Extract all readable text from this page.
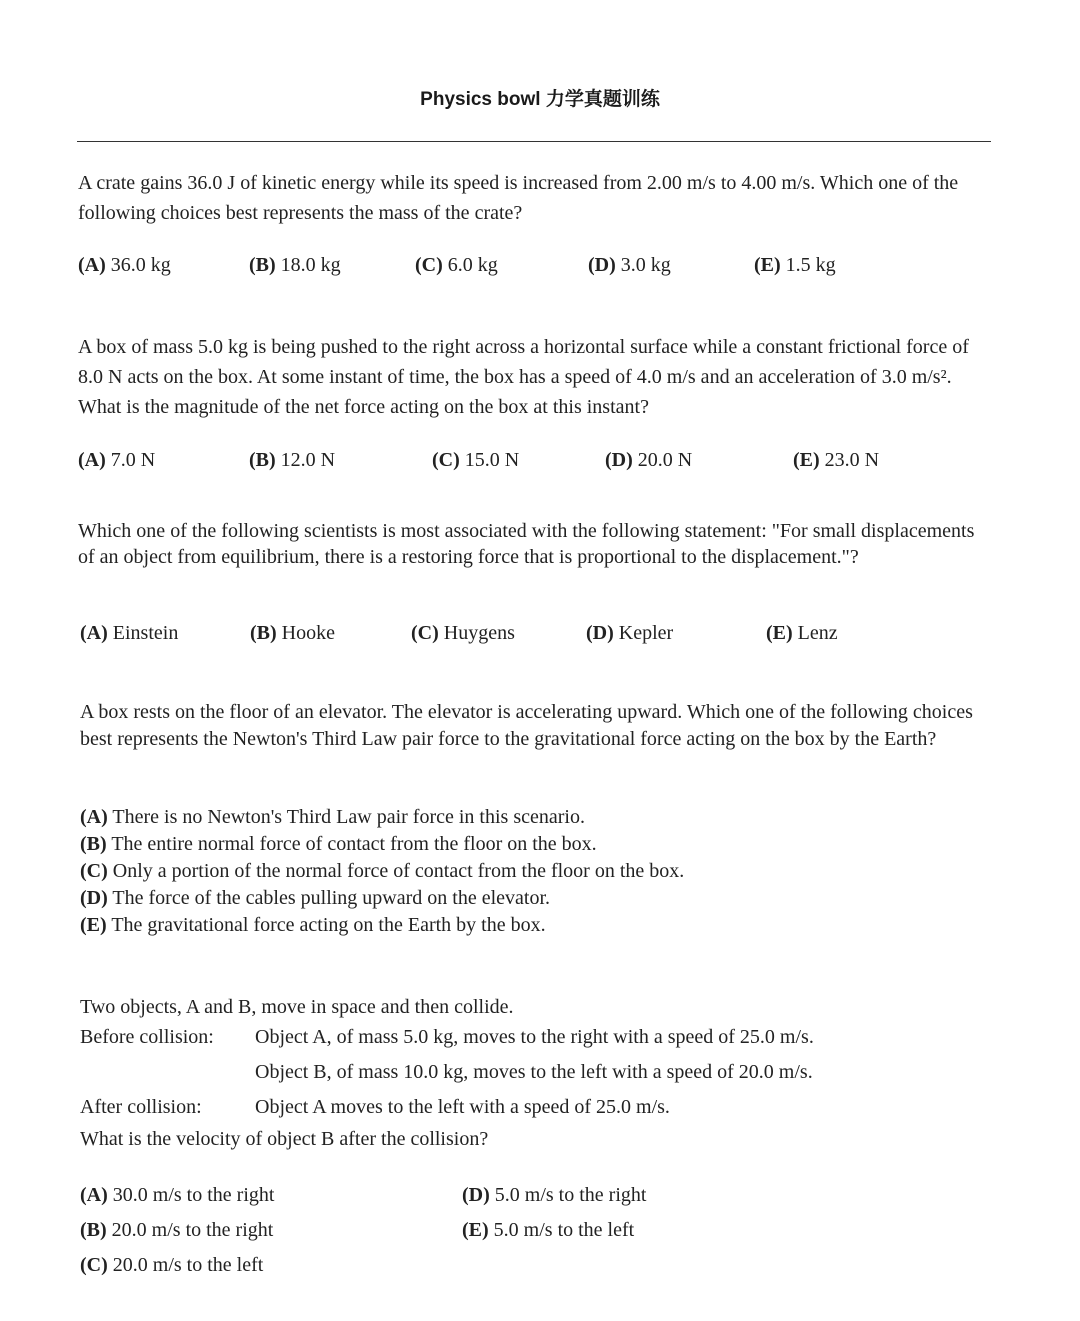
Physics bowl 力学真题训练
A crate gains 36.0 J of kinetic energy while its speed is increased from 2.00 m/s to 4.00 m/s. Which one of the following choices best represents the mass of the crate?
(A) 36.0 kg	(B) 18.0 kg	(C) 6.0 kg	(D) 3.0 kg	(E) 1.5 kg
A box of mass 5.0 kg is being pushed to the right across a horizontal surface while a constant frictional force of 8.0 N acts on the box. At some instant of time, the box has a speed of 4.0 m/s and an acceleration of 3.0 m/s². What is the magnitude of the net force acting on the box at this instant?
(A) 7.0 N	(B) 12.0 N	(C) 15.0 N	(D) 20.0 N	(E) 23.0 N
Which one of the following scientists is most associated with the following statement: "For small displacements of an object from equilibrium, there is a restoring force that is proportional to the displacement."?
(A) Einstein	(B) Hooke	(C) Huygens	(D) Kepler	(E) Lenz
A box rests on the floor of an elevator. The elevator is accelerating upward. Which one of the following choices best represents the Newton's Third Law pair force to the gravitational force acting on the box by the Earth?
(A) There is no Newton's Third Law pair force in this scenario.
(B) The entire normal force of contact from the floor on the box.
(C) Only a portion of the normal force of contact from the floor on the box.
(D) The force of the cables pulling upward on the elevator.
(E) The gravitational force acting on the Earth by the box.
Two objects, A and B, move in space and then collide.
Before collision: Object A, of mass 5.0 kg, moves to the right with a speed of 25.0 m/s.
Object B, of mass 10.0 kg, moves to the left with a speed of 20.0 m/s.
After collision:	Object A moves to the left with a speed of 25.0 m/s.
What is the velocity of object B after the collision?
(A) 30.0 m/s to the right
(B) 20.0 m/s to the right
(C) 20.0 m/s to the left
(D) 5.0 m/s to the right
(E) 5.0 m/s to the left
